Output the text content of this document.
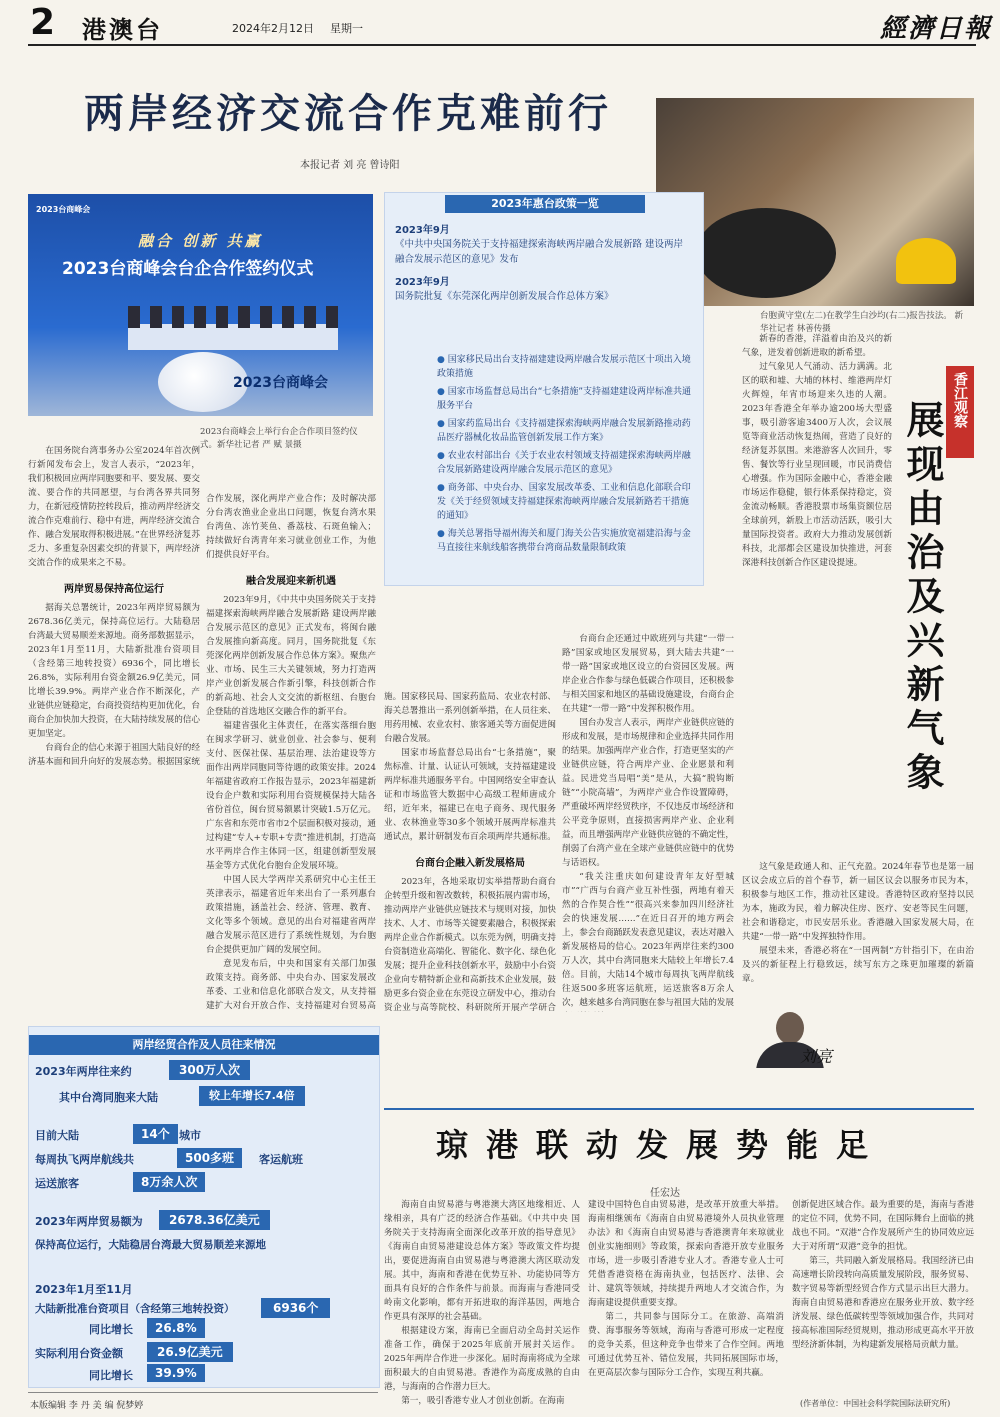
2 港澳台	2024年2月12日 星期一	經濟日報
两岸经济交流合作克难前行
本报记者 刘 亮 曾诗阳
2023台商峰会
融合 创新 共赢
2023台商峰会台企合作签约仪式
2023台商峰会
2023台商峰会上举行台企合作项目签约仪式。新华社记者 严 赋 景摄
台胞黄守堂(左二)在教学生白沙均(右二)报告技法。 新华社记者 林善传摄
2023年惠台政策一览
2023年9月
《中共中央国务院关于支持福建探索海峡两岸融合发展新路 建设两岸融合发展示范区的意见》发布
2023年9月
国务院批复《东莞深化两岸创新发展合作总体方案》
● 国家移民局出台支持福建建设两岸融合发展示范区十项出入境政策措施
● 国家市场监督总局出台“七条措施”支持福建建设两岸标准共通服务平台
● 国家药监局出台《支持福建探索海峡两岸融合发展新路推动药品医疗器械化妆品监管创新发展工作方案》
● 农业农村部出台《关于农业农村领域支持福建探索海峡两岸融合发展新路建设两岸融合发展示范区的意见》
● 商务部、中央台办、国家发展改革委、工业和信息化部联合印发《关于经贸领域支持福建探索海峡两岸融合发展新路若干措施的通知》
● 海关总署指导福州海关和厦门海关公告实施放宽福建沿海与金马直接往来航线船客携带台湾商品数量限制政策
在国务院台湾事务办公室2024年首次例行新闻发布会上，发言人表示，“2023年，我们积极回应两岸同胞要和平、要发展、要交流、要合作的共同愿望，与台湾各界共同努力，在新冠疫情防控转段后，推动两岸经济交流合作克难前行、稳中有进，两岸经济交流合作、融合发展取得积极进展。”在世界经济复苏乏力、多重复杂因素交织的背景下，两岸经济交流合作的成果来之不易。
两岸贸易保持高位运行
据海关总署统计，2023年两岸贸易额为2678.36亿美元，保持高位运行。大陆稳居台湾最大贸易顺差来源地。商务部数据显示，2023年1月至11月，大陆新批准台资项目（含经第三地转投资）6936个，同比增长26.8%，实际利用台资金额26.9亿美元，同比增长39.9%。两岸产业合作不断深化，产业链供应链稳定，台商投资结构更加优化，台商台企加快加大投资，在大陆持续发展的信心更加坚定。
台商台企的信心来源于祖国大陆良好的经济基本面和回升向好的发展态势。根据国家统
合作发展，深化两岸产业合作；及时解决部分台湾农渔业企业出口问题，恢复台湾水果台湾鱼、冻竹荚鱼、番荔枝、石斑鱼输入；持续做好台湾青年来习就业创业工作，为他们提供良好平台。
融合发展迎来新机遇
2023年9月，《中共中央国务院关于支持福建探索海峡两岸融合发展新路 建设两岸融合发展示范区的意见》正式发布，将闽台融合发展推向新高度。同月，国务院批复《东莞深化两岸创新发展合作总体方案》。聚焦产业、市场、民生三大关键领域，努力打造两岸产业创新发展合作新引擎，科技创新合作的新高地、社会人文交流的新枢纽、台胞台企登陆的首选地区交融合作的新平台。
福建省强化主体责任，在落实落细台胞在闽求学研习、就业创业、社会参与、便利支付、医保社保、基层治理、法治建设等方面作出两岸同胞同等待遇的政策安排。2024年福建省政府工作报告显示，2023年福建新设台企户数和实际利用台资规模保持大陆各省份首位，闽台贸易额累计突破1.5万亿元。广东省和东莞市省市2个层面积极对接动，通过构建“专人+专职+专责”推进机制，打造高水平两岸合作主体同一区，组建创新型发展基金等方式优化台胞台企发展环境。
中国人民大学两岸关系研究中心主任王英津表示，福建省近年来出台了一系列惠台政策措施，涵盖社会、经济、管理、教育、文化等多个领域。意见的出台对福建省两岸融合发展示范区进行了系统性规划，为台胞台企提供更加广阔的发展空间。
意见发布后，中央和国家有关部门加强政策支持。商务部、中央台办、国家发展改革委、工业和信息化部联合发文，从支持福建扩大对台开放合作、支持福建对台贸易高
施。国家移民局、国家药监局、农业农村部、海关总署推出一系列创新举措，在人员往来、用药用械、农业农村、旅客通关等方面促进闽台融合发展。
国家市场监督总局出台“七条措施”，聚焦标准、计量、认证认可领域，支持福建建设两岸标准共通服务平台。中国网络安全审查认证和市场监管大数据中心高级工程师唐成介绍，近年来，福建已在电子商务、现代服务业、农林渔业等30多个领域开展两岸标准共通试点，累计研制发布百余项两岸共通标准。
台商台企融入新发展格局
2023年，各地采取切实举措帮助台商台企转型升级和智改数转，积极拓展内需市场，推动两岸产业链供应链技术与规则对接，加快技术、人才、市场等关键要素融合，积极探索两岸企业合作新模式。以东莞为例，明确支持台资制造业高端化、智能化、数字化、绿色化发展；提升企业科技创新水平，鼓励中小台资企业向专精特新企业和高新技术企业发展，鼓励更多台资企业在东莞设立研发中心，推动台资企业与高等院校、科研院所开展产学研合
台商台企还通过中欧班列与共建“一带一路”国家或地区发展贸易，到大陆去共建“一带一路”国家或地区设立的台资园区发展。两岸企业合作参与绿色低碳合作项目，还积极参与相关国家和地区的基础设施建设，台商台企在共建“一带一路”中发挥积极作用。
国台办发言人表示，两岸产业链供应链的形成和发展，是市场规律和企业选择共同作用的结果。加强两岸产业合作，打造更坚实的产业链供应链，符合两岸产业、企业愿景和利益。民进党当局唱“美”是从，大搞“脱钩断链”“小院高墙”，为两岸产业合作设置障碍，严重破坏两岸经贸秩序，不仅违反市场经济和公平竞争原则，直接损害两岸产业、企业利益，而且增强两岸产业链供应链的不确定性，削弱了台湾产业在全球产业链供应链中的优势与话语权。
“我关注重庆如何建设青年友好型城市”“广西与台商产业互补性强，两地有着天然的合作契合性”“很高兴来参加四川经济社会的快速发展……”在近日召开的地方两会上，参会台商踊跃发表意见建议，表达对融入新发展格局的信心。2023年两岸往来约300万人次，其中台湾同胞来大陆较上年增长7.4倍。目前，大陆14个城市每周执飞两岸航线往返500多班客运航班，运送旅客8万余人次，越来越多台湾同胞在参与祖国大陆的发展
两岸经贸合作及人员往来情况
2023年两岸往来约	300万人次
其中台湾同胞来大陆	较上年增长7.4倍
目前大陆	14个 城市
每周执飞两岸航线共	500多班	客运航班
运送旅客	8万余人次
2023年两岸贸易额为	2678.36亿美元
保持高位运行，大陆稳居台湾最大贸易顺差来源地
2023年1月至11月
大陆新批准台资项目（含经第三地转投资）	6936个
同比增长	26.8%
实际利用台资金额	26.9亿美元
同比增长	39.9%
香江观察
展现由治及兴新气象
新春的香港，洋溢着由治及兴的新气象，迸发着创新进取的新希望。
过气象见人气涌动、活力满满。北区的联和墟、大埔的林村、维港两岸灯火辉煌，年宵市场迎来久违的人潮。2023年香港全年举办逾200场大型盛事，吸引游客逾3400万人次，会议展览等商业活动恢复热闹，营造了良好的经济复苏氛围。来港游客人次回升，零售、餐饮等行业呈现回暖，市民消费信心增强。作为国际金融中心，香港金融市场运作稳健，银行体系保持稳定，资金流动畅顺。香港股票市场集资额位居全球前列，新股上市活动活跃，吸引大量国际投资者。政府大力推动发展创新科技，北部都会区建设加快推进，河套深港科技创新合作区建设提速。
这气象是政通人和、正气充盈。2024年春节也是第一届区议会成立后的首个春节，新一届区议会以服务市民为本，积极参与地区工作，推动社区建设。香港特区政府坚持以民为本，施政为民，着力解决住房、医疗、安老等民生问题，社会和谐稳定，市民安居乐业。香港融入国家发展大局，在共建“一带一路”中发挥独特作用。
展望未来，香港必将在“一国两制”方针指引下，在由治及兴的新征程上行稳致远，续写东方之珠更加璀璨的新篇章。
刘亮
琼港联动发展势能足
任宏达
海南自由贸易港与粤港澳大湾区地缘相近、人缘相亲，具有广泛的经济合作基础。《中共中央 国务院关于支持海南全面深化改革开放的指导意见》《海南自由贸易港建设总体方案》等政策文件均提出，要促进海南自由贸易港与粤港澳大湾区联动发展。其中，海南和香港在优势互补、功能协同等方面具有良好的合作条件与前景。而海南与香港同受岭南文化影响，都有开拓进取的海洋基因，两地合作更具有深厚的社会基础。
根据建设方案，海南已全面启动全岛封关运作准备工作，确保于2025年底前开展封关运作。2025年两岸合作进一步深化。届时海南将成为全球面积最大的自由贸易港。香港作为高度成熟的自由港，与海南的合作潜力巨大。
第一，吸引香港专业人才创业创新。在海南
建设中国特色自由贸易港，是改革开放重大举措。海南相继颁布《海南自由贸易港境外人员执业管理办法》和《海南自由贸易港与香港澳青年来琼就业创业实施细则》等政策，探索向香港开放专业服务市场，进一步吸引香港专业人才。香港专业人士可凭借香港资格在海南执业，包括医疗、法律、会计、建筑等领域，持续提升两地人才交流合作，为海南建设提供重要支撑。
第二，共同参与国际分工。在旅游、高端消费、海事服务等领域，海南与香港可形成一定程度的竞争关系，但这种竞争也带来了合作空间。两地可通过优势互补、错位发展，共同拓展国际市场，在更高层次参与国际分工合作，实现互利共赢。
创新促进区域合作。最为重要的是，海南与香港的定位不同，优势不同，在国际舞台上面临的挑战也不同。“双港”合作发展所产生的协同效应远大于对所谓“双港”竞争的担忧。
第三，共同融入新发展格局。我国经济已由高速增长阶段转向高质量发展阶段，服务贸易、数字贸易等新型经贸合作方式显示出巨大潜力。海南自由贸易港和香港应在服务业开放、数字经济发展、绿色低碳转型等领域加强合作，共同对接高标准国际经贸规则，推动形成更高水平开放型经济新体制，为构建新发展格局贡献力量。
(作者单位：中国社会科学院国际法研究所)
本版编辑 李 丹 美 编 倪梦婷
